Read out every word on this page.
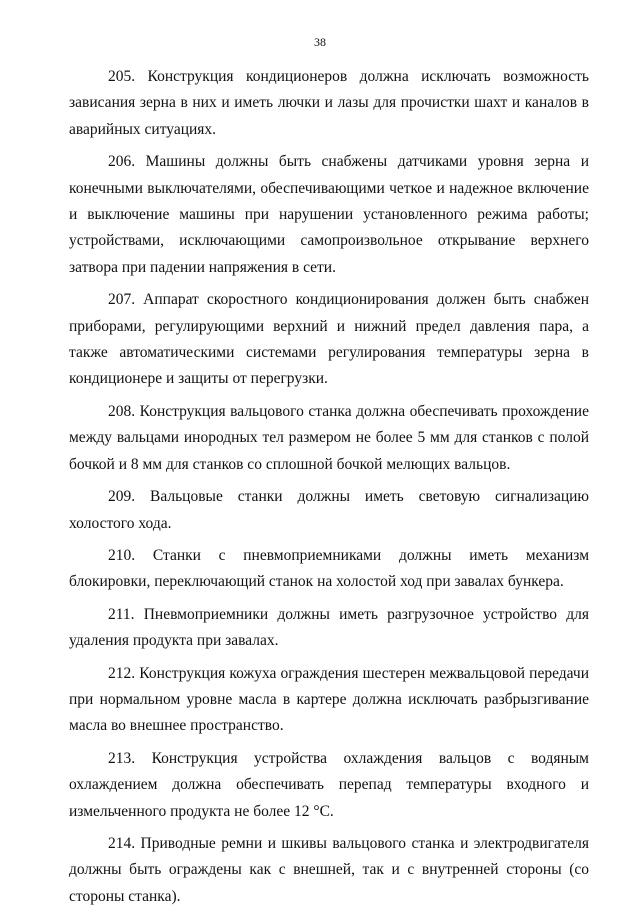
38

205. Конструкция кондиционеров должна исключать возможность зависания зерна в них и иметь лючки и лазы для прочистки шахт и каналов в аварийных ситуациях.

206. Машины должны быть снабжены датчиками уровня зерна и конечными выключателями, обеспечивающими четкое и надежное включение и выключение машины при нарушении установленного режима работы; устройствами, исключающими самопроизвольное открывание верхнего затвора при падении напряжения в сети.

207. Аппарат скоростного кондиционирования должен быть снабжен приборами, регулирующими верхний и нижний предел давления пара, а также автоматическими системами регулирования температуры зерна в кондиционере и защиты от перегрузки.

208. Конструкция вальцового станка должна обеспечивать прохождение между вальцами инородных тел размером не более 5 мм для станков с полой бочкой и 8 мм для станков со сплошной бочкой мелющих вальцов.

209. Вальцовые станки должны иметь световую сигнализацию холостого хода.

210. Станки с пневмоприемниками должны иметь механизм блокировки, переключающий станок на холостой ход при завалах бункера.

211. Пневмоприемники должны иметь разгрузочное устройство для удаления продукта при завалах.

212. Конструкция кожуха ограждения шестерен межвальцовой передачи при нормальном уровне масла в картере должна исключать разбрызгивание масла во внешнее пространство.

213. Конструкция устройства охлаждения вальцов с водяным охлаждением должна обеспечивать перепад температуры входного и измельченного продукта не более 12 °С.

214. Приводные ремни и шкивы вальцового станка и электродвигателя должны быть ограждены как с внешней, так и с внутренней стороны (со стороны станка).
